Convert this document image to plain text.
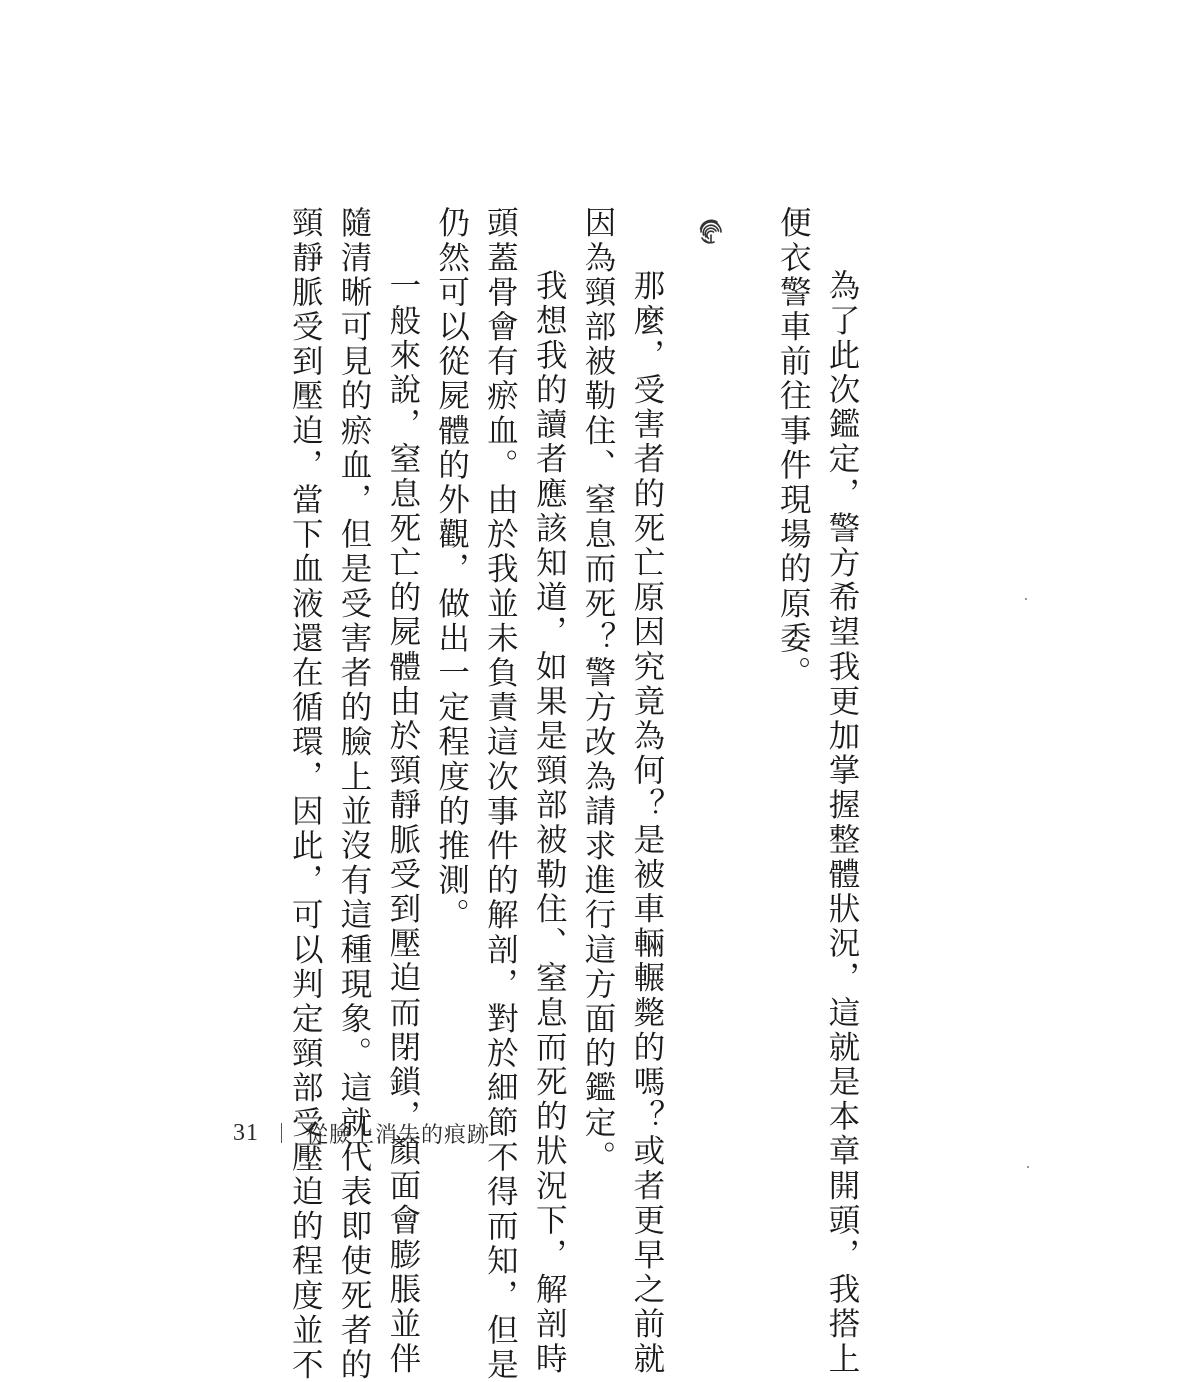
為了此次鑑定，警方希望我更加掌握整體狀況，這就是本章開頭，我搭上

便衣警車前往事件現場的原委。

那麼，受害者的死亡原因究竟為何？是被車輛輾斃的嗎？或者更早之前就

因為頸部被勒住、窒息而死？警方改為請求進行這方面的鑑定。

我想我的讀者應該知道，如果是頸部被勒住、窒息而死的狀況下，解剖時

頭蓋骨會有瘀血。由於我並未負責這次事件的解剖，對於細節不得而知，但是

仍然可以從屍體的外觀，做出一定程度的推測。

一般來說，窒息死亡的屍體由於頸靜脈受到壓迫而閉鎖，顏面會膨脹並伴

隨清晰可見的瘀血，但是受害者的臉上並沒有這種現象。這就代表即使死者的

頸靜脈受到壓迫，當下血液還在循環，因此，可以判定頸部受壓迫的程度並不

31 從臉上消失的痕跡
